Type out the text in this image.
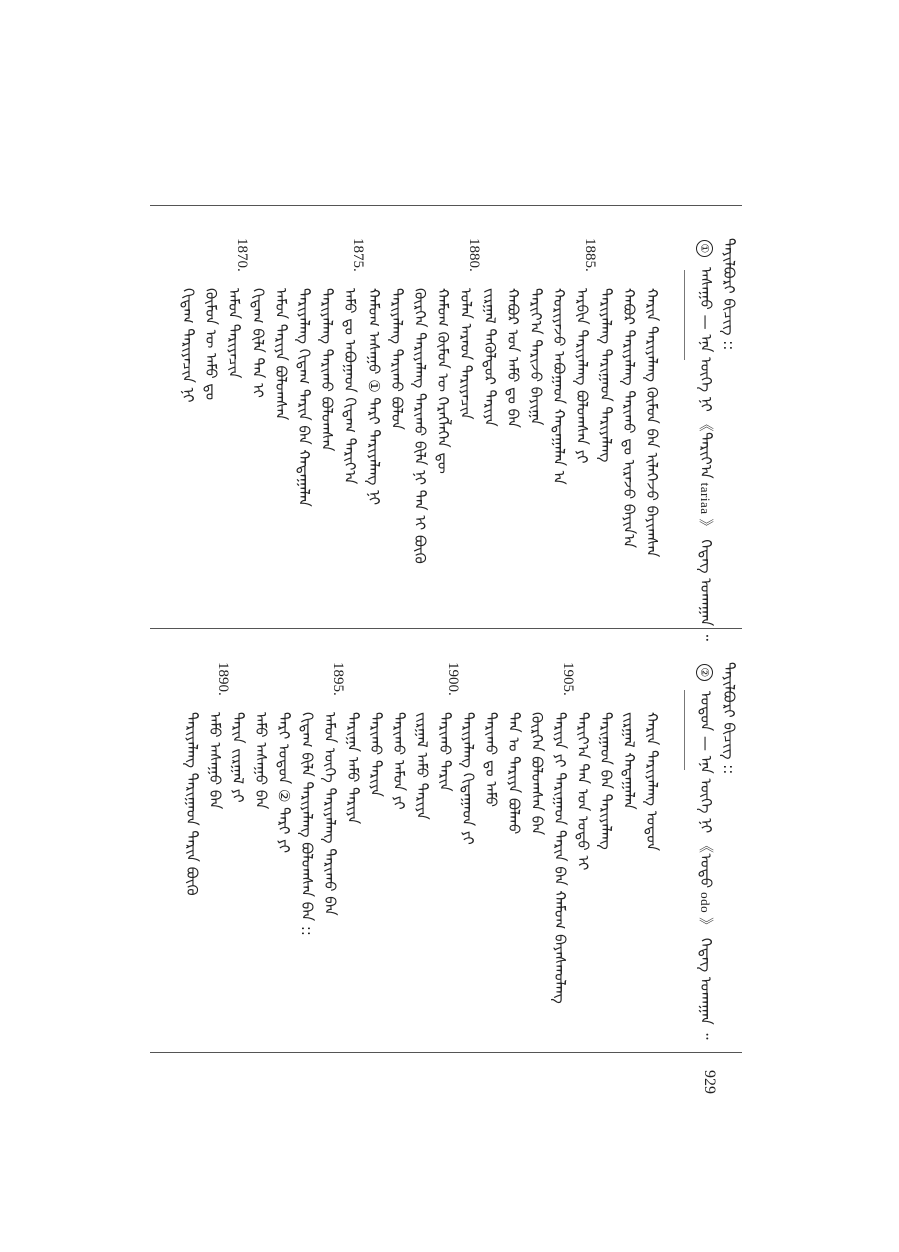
ᠲᠠᠶᠢᠯᠪᠤᠷᠢ ᠪᠢᠴᠢᠭ᠌ ::
①ᠠᠰᠠᠭᠤ — ᠡᠨᠡ ᠦᠭᠡ ᠨᠢ 《ᠲᠠᠷᠢᠶ᠎ᠠtariaa》 ᠭᠡᠳᠡᠭ ᠤᠬᠠᠭᠠᠨ ᠃
ᠬᠠᠷᠢᠨ ᠲᠠᠷᠢᠶᠠᠯᠠᠩ ᠬᠦᠮᠦᠨ ᠪᠠᠨ ᠢᠯᠡᠭᠡᠵᠦ ᠪᠠᠶᠢᠭᠰᠠᠨ
ᠬᠠᠪᠤᠷ ᠲᠠᠷᠢᠶᠠᠯᠠᠩ ᠲᠠᠷᠢᠬᠤ ᠳᠤ ᠢᠷᠡᠵᠦ ᠪᠠᠶᠢᠨ᠎ᠠ
ᠲᠠᠷᠢᠶᠠᠯᠠᠩ ᠲᠠᠷᠢᠭᠠᠳ ᠲᠠᠷᠢᠶᠠᠯᠠᠩ
ᠠᠷᠪᠢᠨ ᠲᠠᠷᠢᠶᠠᠯᠠᠩ ᠪᠣᠯᠤᠭᠰᠠᠨ ᠶᠢ
1885.
ᠬᠤᠷᠢᠶᠠᠵᠤ ᠠᠪᠤᠭᠠᠳ ᠬᠠᠳᠠᠭᠠᠯᠠᠨ ᠠ
ᠲᠠᠷᠢᠶ᠎ᠠ ᠲᠠᠷᠢᠵᠤ ᠪᠠᠶᠢᠭᠠ
ᠬᠠᠪᠤᠷ ᠤᠨ ᠠᠮᠤ ᠳᠤ ᠪᠠᠨ
ᠵᠢᠷᠭᠠᠯ ᠲᠡᠭᠦᠯᠳᠦᠷ ᠲᠠᠷᠢᠶᠠ
ᠣᠯᠠᠨ ᠠᠷᠠᠳ ᠲᠠᠷᠢᠶᠠᠴᠢᠨ
1880.
ᠬᠠᠮᠤᠭ ᠬᠦᠮᠦᠨ ᠦ ᠬᠡᠷᠡᠭᠯᠡᠭᠡᠨ ᠳᠦ
ᠬᠦᠷᠭᠡᠨ ᠲᠠᠷᠢᠶᠠᠯᠠᠩ ᠲᠠᠷᠢᠬᠤ ᠪᠢᠯᠡ ᠨᠢ ᠲᠠᠨ ᠢ ᠪᠦᠬᠦ
ᠲᠠᠷᠢᠶᠠᠯᠠᠩ ᠲᠠᠷᠢᠬᠤ ᠪᠤᠯᠤᠨ
ᠬᠠᠮᠤᠭ ᠠᠰᠠᠭᠤ ① ᠲᠠᠷᠢ ᠲᠠᠷᠢᠶᠠᠯᠠᠩ ᠨᠢ
ᠠᠮᠤ ᠳᠤ ᠠᠪᠤᠭᠠᠳ ᠬᠢᠳᠠᠭ ᠲᠠᠷᠢᠶ᠎ᠠ
1875.
ᠲᠠᠷᠢᠶᠠᠯᠠᠩ ᠲᠠᠷᠢᠬᠤ ᠪᠤᠯᠤᠭᠰᠠᠨ
ᠲᠠᠷᠢᠶᠠᠯᠠᠩ ᠬᠢᠳᠠᠭ ᠲᠠᠷᠢᠨ ᠪᠠᠨ ᠬᠠᠳᠠᠭᠠᠯᠠᠨ
ᠠᠮᠤᠨ ᠲᠠᠷᠢᠶᠠ ᠪᠤᠯᠤᠭᠰᠠᠨ
ᠬᠢᠳᠠᠭ ᠪᠢᠯᠡ ᠲᠠᠨ ᠢ
ᠠᠮᠤᠨ ᠲᠠᠷᠢᠶᠠᠴᠢᠨ
1870.
ᠬᠦᠮᠦᠨ ᠦ ᠠᠮᠤ ᠳᠤ
ᠬᠢᠳᠠᠭ ᠲᠠᠷᠢᠶᠠᠴᠢᠨ ᠨᠢ
ᠲᠠᠶᠢᠯᠪᠤᠷᠢ ᠪᠢᠴᠢᠭ᠌ ::
②ᠣᠳᠤᠨ — ᠡᠨᠡ ᠦᠭᠡ ᠨᠢ 《ᠣᠳᠤodo》 ᠭᠡᠳᠡᠭ ᠤᠬᠠᠭᠠᠨ ᠃
ᠬᠠᠷᠢᠨ ᠲᠠᠷᠢᠶᠠᠯᠠᠩ ᠣᠳᠤᠨ
ᠵᠢᠷᠭᠠᠯ ᠬᠠᠳᠠᠭᠠᠯᠠᠨ
ᠲᠠᠷᠢᠭᠠᠳ ᠪᠠᠨ ᠲᠠᠷᠢᠶᠠᠯᠠᠩ
ᠲᠠᠷᠢᠶ᠎ᠠ ᠲᠠᠨ ᠤᠨ ᠣᠳᠤ ᠢ
ᠲᠠᠷᠢᠶᠠ ᠶᠢ ᠲᠠᠷᠢᠭᠠᠳ ᠲᠠᠷᠢᠨ ᠪᠠᠨ ᠬᠠᠮᠤᠭ ᠪᠠᠶᠠᠰᠬᠤᠯᠠᠩ
1905.
ᠬᠦᠷᠭᠡᠨ ᠪᠣᠯᠤᠭᠰᠠᠨ ᠪᠠᠨ
ᠲᠠᠨ ᠤ ᠲᠠᠷᠢᠶᠠ ᠪᠣᠯᠬᠤ
ᠲᠠᠷᠢᠬᠤ ᠳᠤ ᠠᠮᠤ
ᠲᠠᠷᠢᠶᠠᠯᠠᠩ ᠬᠢᠳᠠᠭᠠᠳ ᠶᠢ
ᠲᠠᠷᠢᠬᠤ ᠲᠠᠷᠢᠨ
1900.
ᠵᠢᠷᠭᠠᠯ ᠠᠮᠤ ᠲᠠᠷᠢᠶᠠ
ᠲᠠᠷᠢᠬᠤ ᠠᠮᠤᠨ ᠶᠢ
ᠲᠠᠷᠢᠬᠤ ᠲᠠᠷᠢᠶᠠ
ᠲᠠᠷᠢᠭᠠ ᠠᠮᠤ ᠲᠠᠷᠢᠶᠠ
ᠠᠮᠤᠨ ᠦᠭᠡ ᠲᠠᠷᠢᠶᠠᠯᠠᠩ ᠲᠠᠷᠢᠬᠤ ᠪᠠᠨ
1895.
ᠬᠢᠳᠠᠭ ᠪᠢᠯᠡ ᠲᠠᠷᠢᠶᠠᠯᠠᠩ ᠪᠣᠯᠤᠭᠰᠠᠨ ᠪᠠᠨ ::
ᠲᠠᠷᠢ ᠣᠳᠤᠨ ② ᠲᠠᠷᠢ ᠶᠢ
ᠠᠮᠤ ᠠᠰᠠᠭᠤ ᠪᠠᠨ
ᠲᠠᠷᠢᠨ ᠵᠢᠷᠭᠠᠯ ᠶᠢ
ᠠᠮᠤ ᠠᠰᠠᠭᠤ ᠪᠠᠨ
1890.
ᠲᠠᠷᠢᠶᠠᠯᠠᠩ ᠲᠠᠷᠢᠭᠠᠳ ᠲᠠᠷᠢᠨ ᠪᠦᠬᠦ
929
